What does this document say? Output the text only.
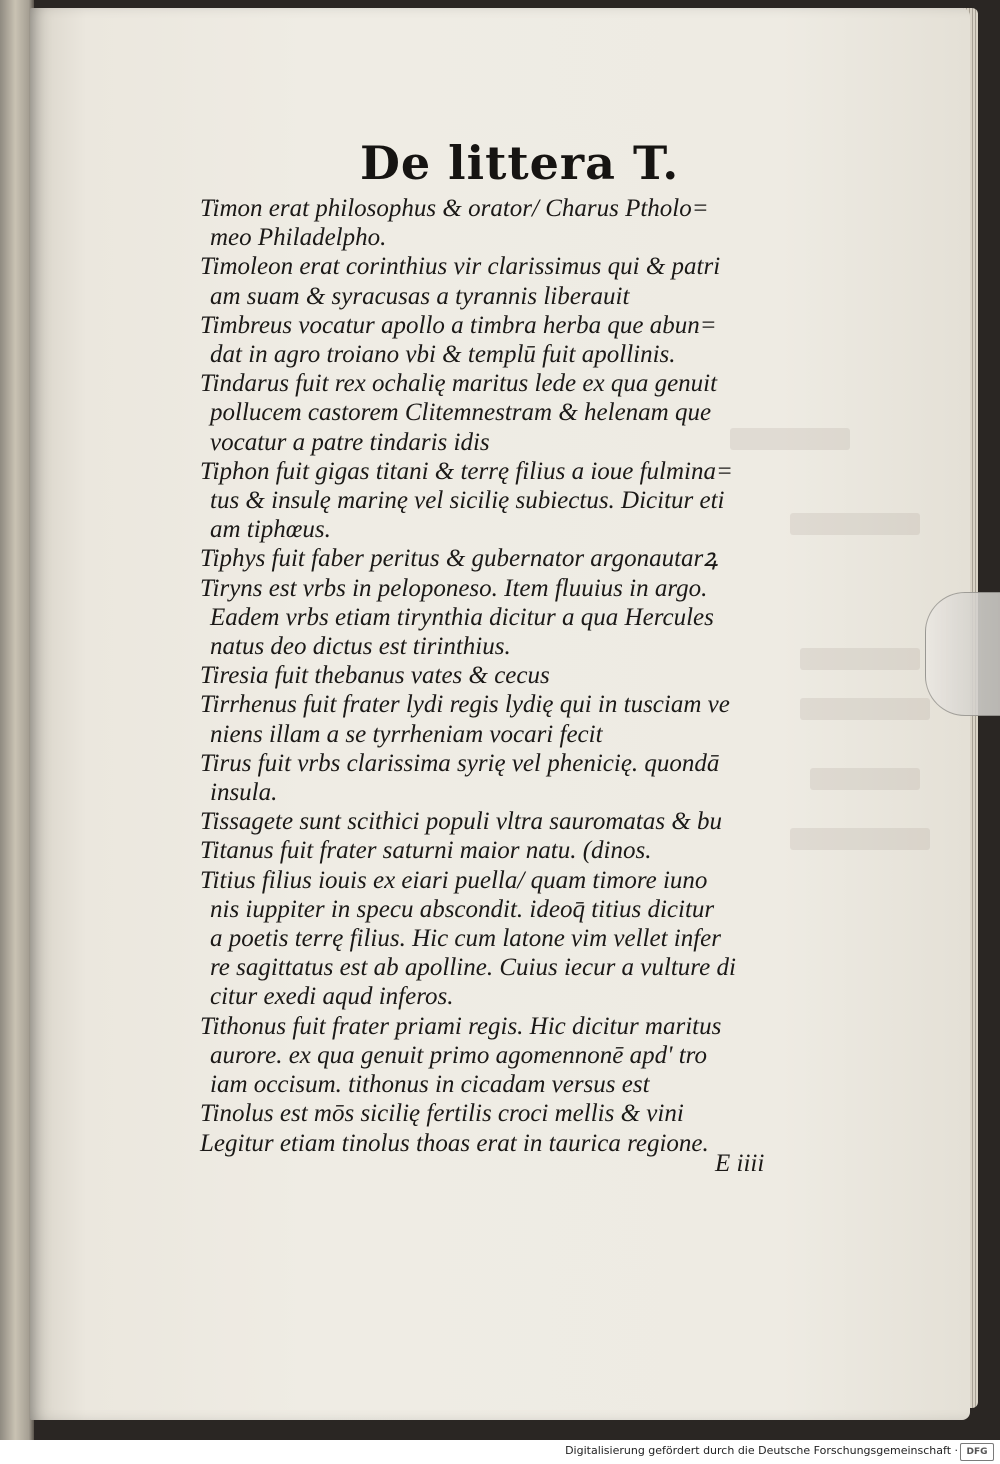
De littera T.

Timon erat philosophus & orator/ Charus Ptholo=
meo Philadelpho.

Timoleon erat corinthius vir clarissimus qui & patri
am suam & syracusas a tyrannis liberauit

Timbreus vocatur apollo a timbra herba que abun=
dat in agro troiano vbi & templū fuit apollinis.

Tindarus fuit rex ochalię maritus lede ex qua genuit
pollucem castorem Clitemnestram & helenam que
vocatur a patre tindaris idis

Tiphon fuit gigas titani & terrę filius a ioue fulmina=
tus & insulę marinę vel sicilię subiectus. Dicitur eti
am tiphœus.

Tiphys fuit faber peritus & gubernator argonautarꝝ

Tiryns est vrbs in peloponeso. Item fluuius in argo.
Eadem vrbs etiam tirynthia dicitur a qua Hercules
natus deo dictus est tirinthius.

Tiresia fuit thebanus vates & cecus

Tirrhenus fuit frater lydi regis lydię qui in tusciam ve
niens illam a se tyrrheniam vocari fecit

Tirus fuit vrbs clarissima syrię vel phenicię. quondā
insula.

Tissagete sunt scithici populi vltra sauromatas & bu

Titanus fuit frater saturni maior natu. (dinos.

Titius filius iouis ex eiari puella/ quam timore iuno
nis iuppiter in specu abscondit. ideoq̄ titius dicitur
a poetis terrę filius. Hic cum latone vim vellet infer
re sagittatus est ab apolline. Cuius iecur a vulture di
citur exedi aqud inferos.

Tithonus fuit frater priami regis. Hic dicitur maritus
aurore. ex qua genuit primo agomennonē apd' tro
iam occisum. tithonus in cicadam versus est

Tinolus est mōs sicilię fertilis croci mellis & vini

Legitur etiam tinolus thoas erat in taurica regione.

E iiii
Digitalisierung gefördert durch die Deutsche Forschungsgemeinschaft · DFG
